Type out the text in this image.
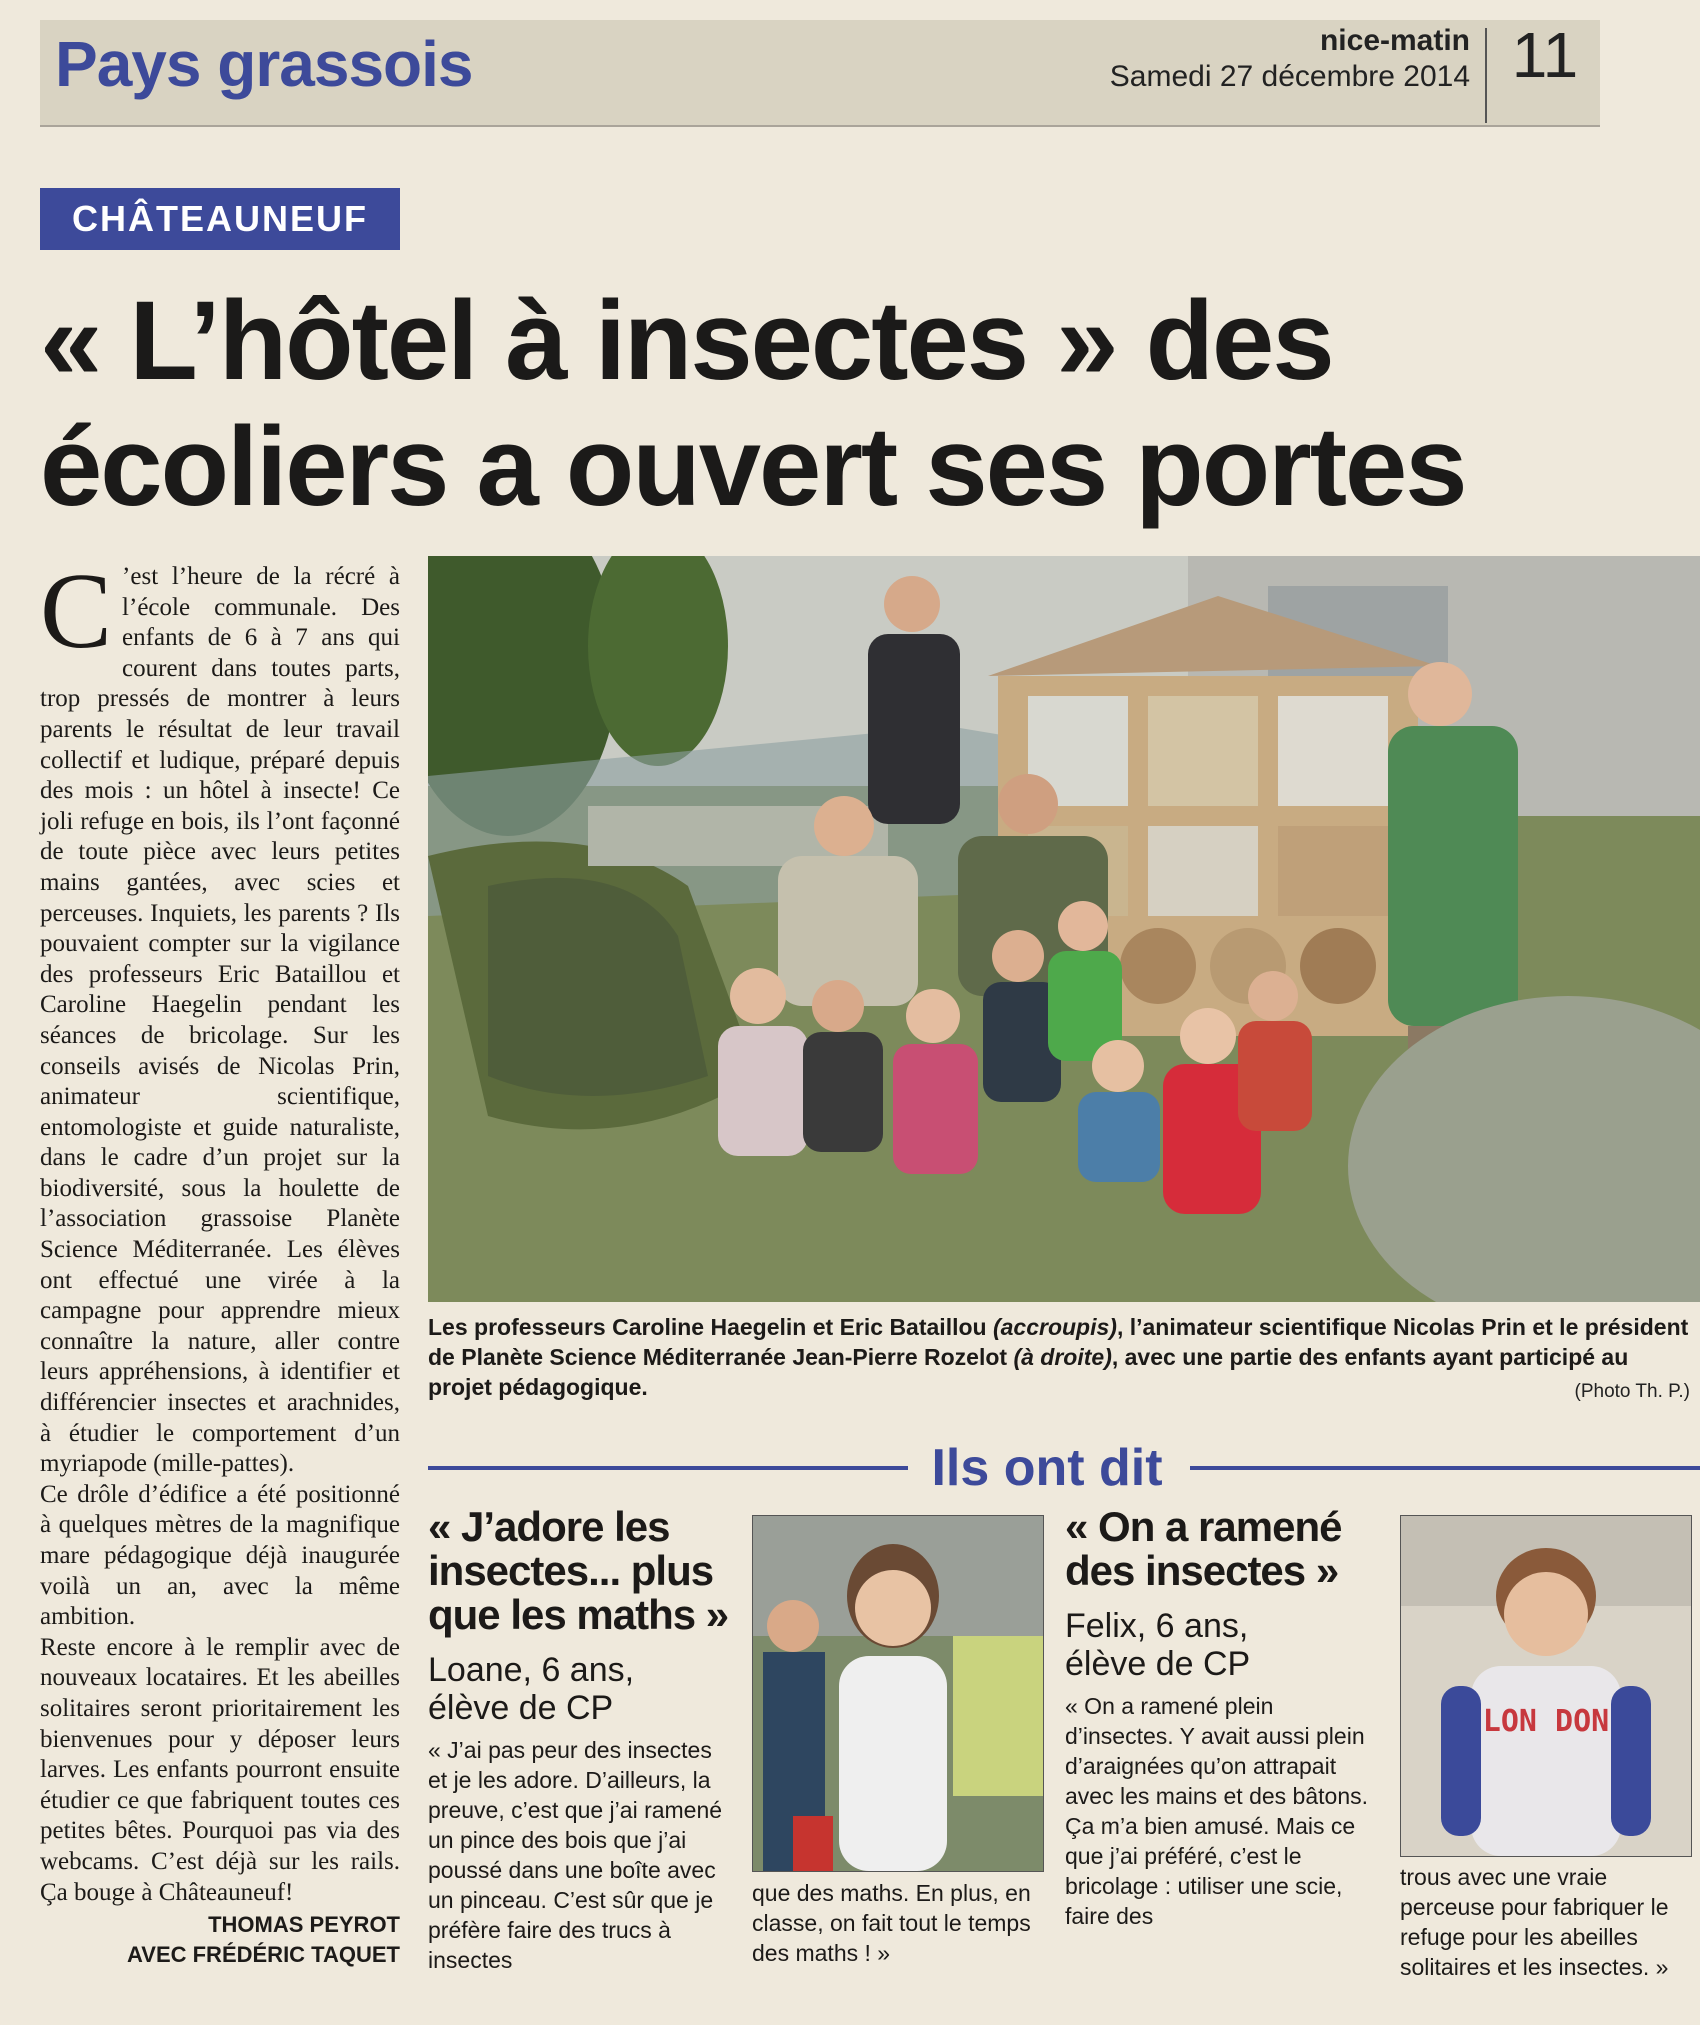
Pays grassois	nice-matin
Samedi 27 décembre 2014 11
CHÂTEAUNEUF
« L’hôtel à insectes » des
écoliers a ouvert ses portes
C ’est l’heure de la récré à l’école communale. Des enfants de 6 à 7 ans qui courent dans toutes parts, trop pressés de montrer à leurs parents le résultat de leur travail collectif et ludique, préparé depuis des mois : un hôtel à insecte! Ce joli refuge en bois, ils l’ont façonné de toute pièce avec leurs petites mains gantées, avec scies et perceuses. Inquiets, les parents ? Ils pouvaient compter sur la vigilance des professeurs Eric Bataillou et Caroline Haegelin pendant les séances de bricolage. Sur les conseils avisés de Nicolas Prin, animateur scientifique, entomologiste et guide naturaliste, dans le cadre d’un projet sur la biodiversité, sous la houlette de l’association grassoise Planète Science Méditerranée. Les élèves ont effectué une virée à la campagne pour apprendre mieux connaître la nature, aller contre leurs appréhensions, à identifier et différencier insectes et arachnides, à étudier le comportement d’un myriapode (mille-pattes).

Ce drôle d’édifice a été positionné à quelques mètres de la magnifique mare pédagogique déjà inaugurée voilà un an, avec la même ambition.

Reste encore à le remplir avec de nouveaux locataires. Et les abeilles solitaires seront prioritairement les bienvenues pour y déposer leurs larves. Les enfants pourront ensuite étudier ce que fabriquent toutes ces petites bêtes. Pourquoi pas via des webcams. C’est déjà sur les rails. Ça bouge à Châteauneuf!

THOMAS PEYROT
AVEC FRÉDÉRIC TAQUET
Les professeurs Caroline Haegelin et Eric Bataillou (accroupis), l’animateur scientifique Nicolas Prin et le président de Planète Science Méditerranée Jean-Pierre Rozelot (à droite), avec une partie des enfants ayant participé au projet pédagogique.	(Photo Th. P.)
Ils ont dit
« J’adore les insectes... plus que les maths »
Loane, 6 ans,
élève de CP
« J’ai pas peur des insectes et je les adore. D’ailleurs, la preuve, c’est que j’ai ramené un pince des bois que j’ai poussé dans une boîte avec un pinceau. C’est sûr que je préfère faire des trucs à insectes
que des maths. En plus, en classe, on fait tout le temps des maths ! »
« On a ramené des insectes »
Felix, 6 ans,
élève de CP
« On a ramené plein d’insectes. Y avait aussi plein d’araignées qu’on attrapait avec les mains et des bâtons. Ça m’a bien amusé. Mais ce que j’ai préféré, c’est le bricolage : utiliser une scie, faire des
LON DON
trous avec une vraie perceuse pour fabriquer le refuge pour les abeilles solitaires et les insectes. »
